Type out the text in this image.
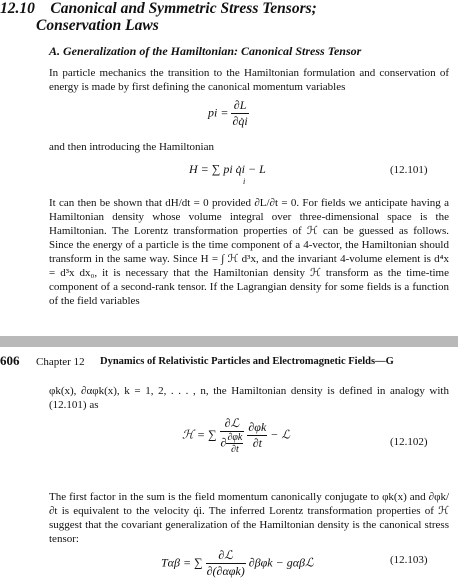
12.10 Canonical and Symmetric Stress Tensors;
Conservation Laws
A. Generalization of the Hamiltonian: Canonical Stress Tensor
In particle mechanics the transition to the Hamiltonian formulation and conservation of energy is made by first defining the canonical momentum variables
pi = $\frac{\partial L}{\partial q̇i}$
and then introducing the Hamiltonian
H = ∑ pi q̇i − L
i
(12.101)
It can then be shown that dH/dt = 0 provided ∂L/∂t = 0. For fields we anticipate having a Hamiltonian density whose volume integral over three-dimensional space is the Hamiltonian. The Lorentz transformation properties of ℋ can be guessed as follows. Since the energy of a particle is the time component of a 4-vector, the Hamiltonian should transform in the same way. Since H = ∫ ℋ d³x, and the invariant 4-volume element is d⁴x = d³x dx₀, it is necessary that the Hamiltonian density ℋ transform as the time-time component of a second-rank tensor. If the Lagrangian density for some fields is a function of the field variables
606 Chapter 12 Dynamics of Relativistic Particles and Electromagnetic Fields—G
φk(x), ∂αφk(x), k = 1, 2, . . . , n, the Hamiltonian density is defined in analogy with (12.101) as
ℋ = ∑ $\frac{\text{∂ℒ}}{\partial \frac{\partial\varphi k}{\partial t}}$
$\frac{\partial\varphi k}{\partial t}$ − ℒ
(12.102)
The first factor in the sum is the field momentum canonically conjugate to φk(x) and ∂φk/∂t is equivalent to the velocity q̇i. The inferred Lorentz transformation properties of ℋ suggest that the covariant generalization of the Hamiltonian density is the canonical stress tensor:
Tαβ = ∑ $\frac{\text{∂ℒ}}{\text{∂(∂αφk)}} \partial\beta\varphi k$ − gαβℒ	(12.103)
